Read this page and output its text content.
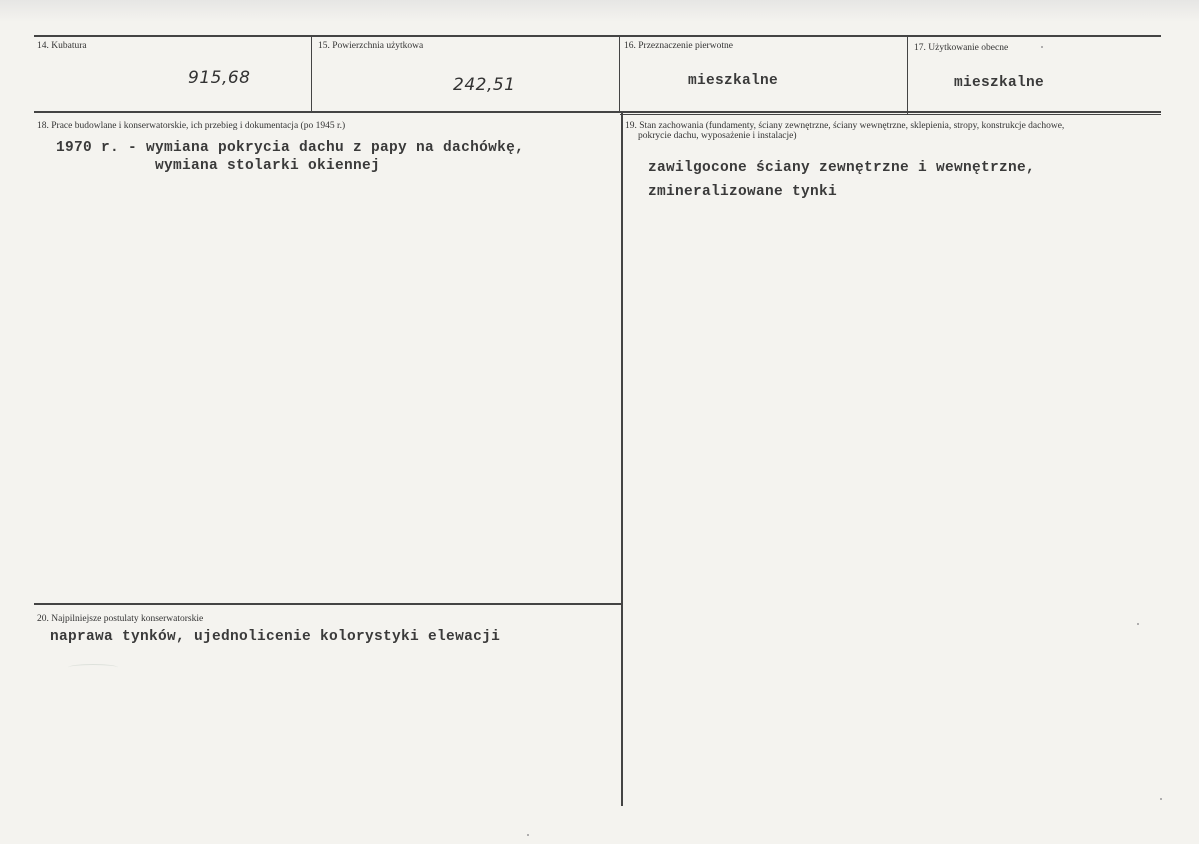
14. Kubatura
915,68
15. Powierzchnia użytkowa
242,51
16. Przeznaczenie pierwotne
mieszkalne
17. Użytkowanie obecne
mieszkalne
18. Prace budowlane i konserwatorskie, ich przebieg i dokumentacja (po 1945 r.)
1970 r. - wymiana pokrycia dachu z papy na dachówkę,
wymiana stolarki okiennej
19. Stan zachowania (fundamenty, ściany zewnętrzne, ściany wewnętrzne, sklepienia, stropy, konstrukcje dachowe,
pokrycie dachu, wyposażenie i instalacje)
zawilgocone ściany zewnętrzne i wewnętrzne,
zmineralizowane tynki
20. Najpilniejsze postulaty konserwatorskie
naprawa tynków, ujednolicenie kolorystyki elewacji
